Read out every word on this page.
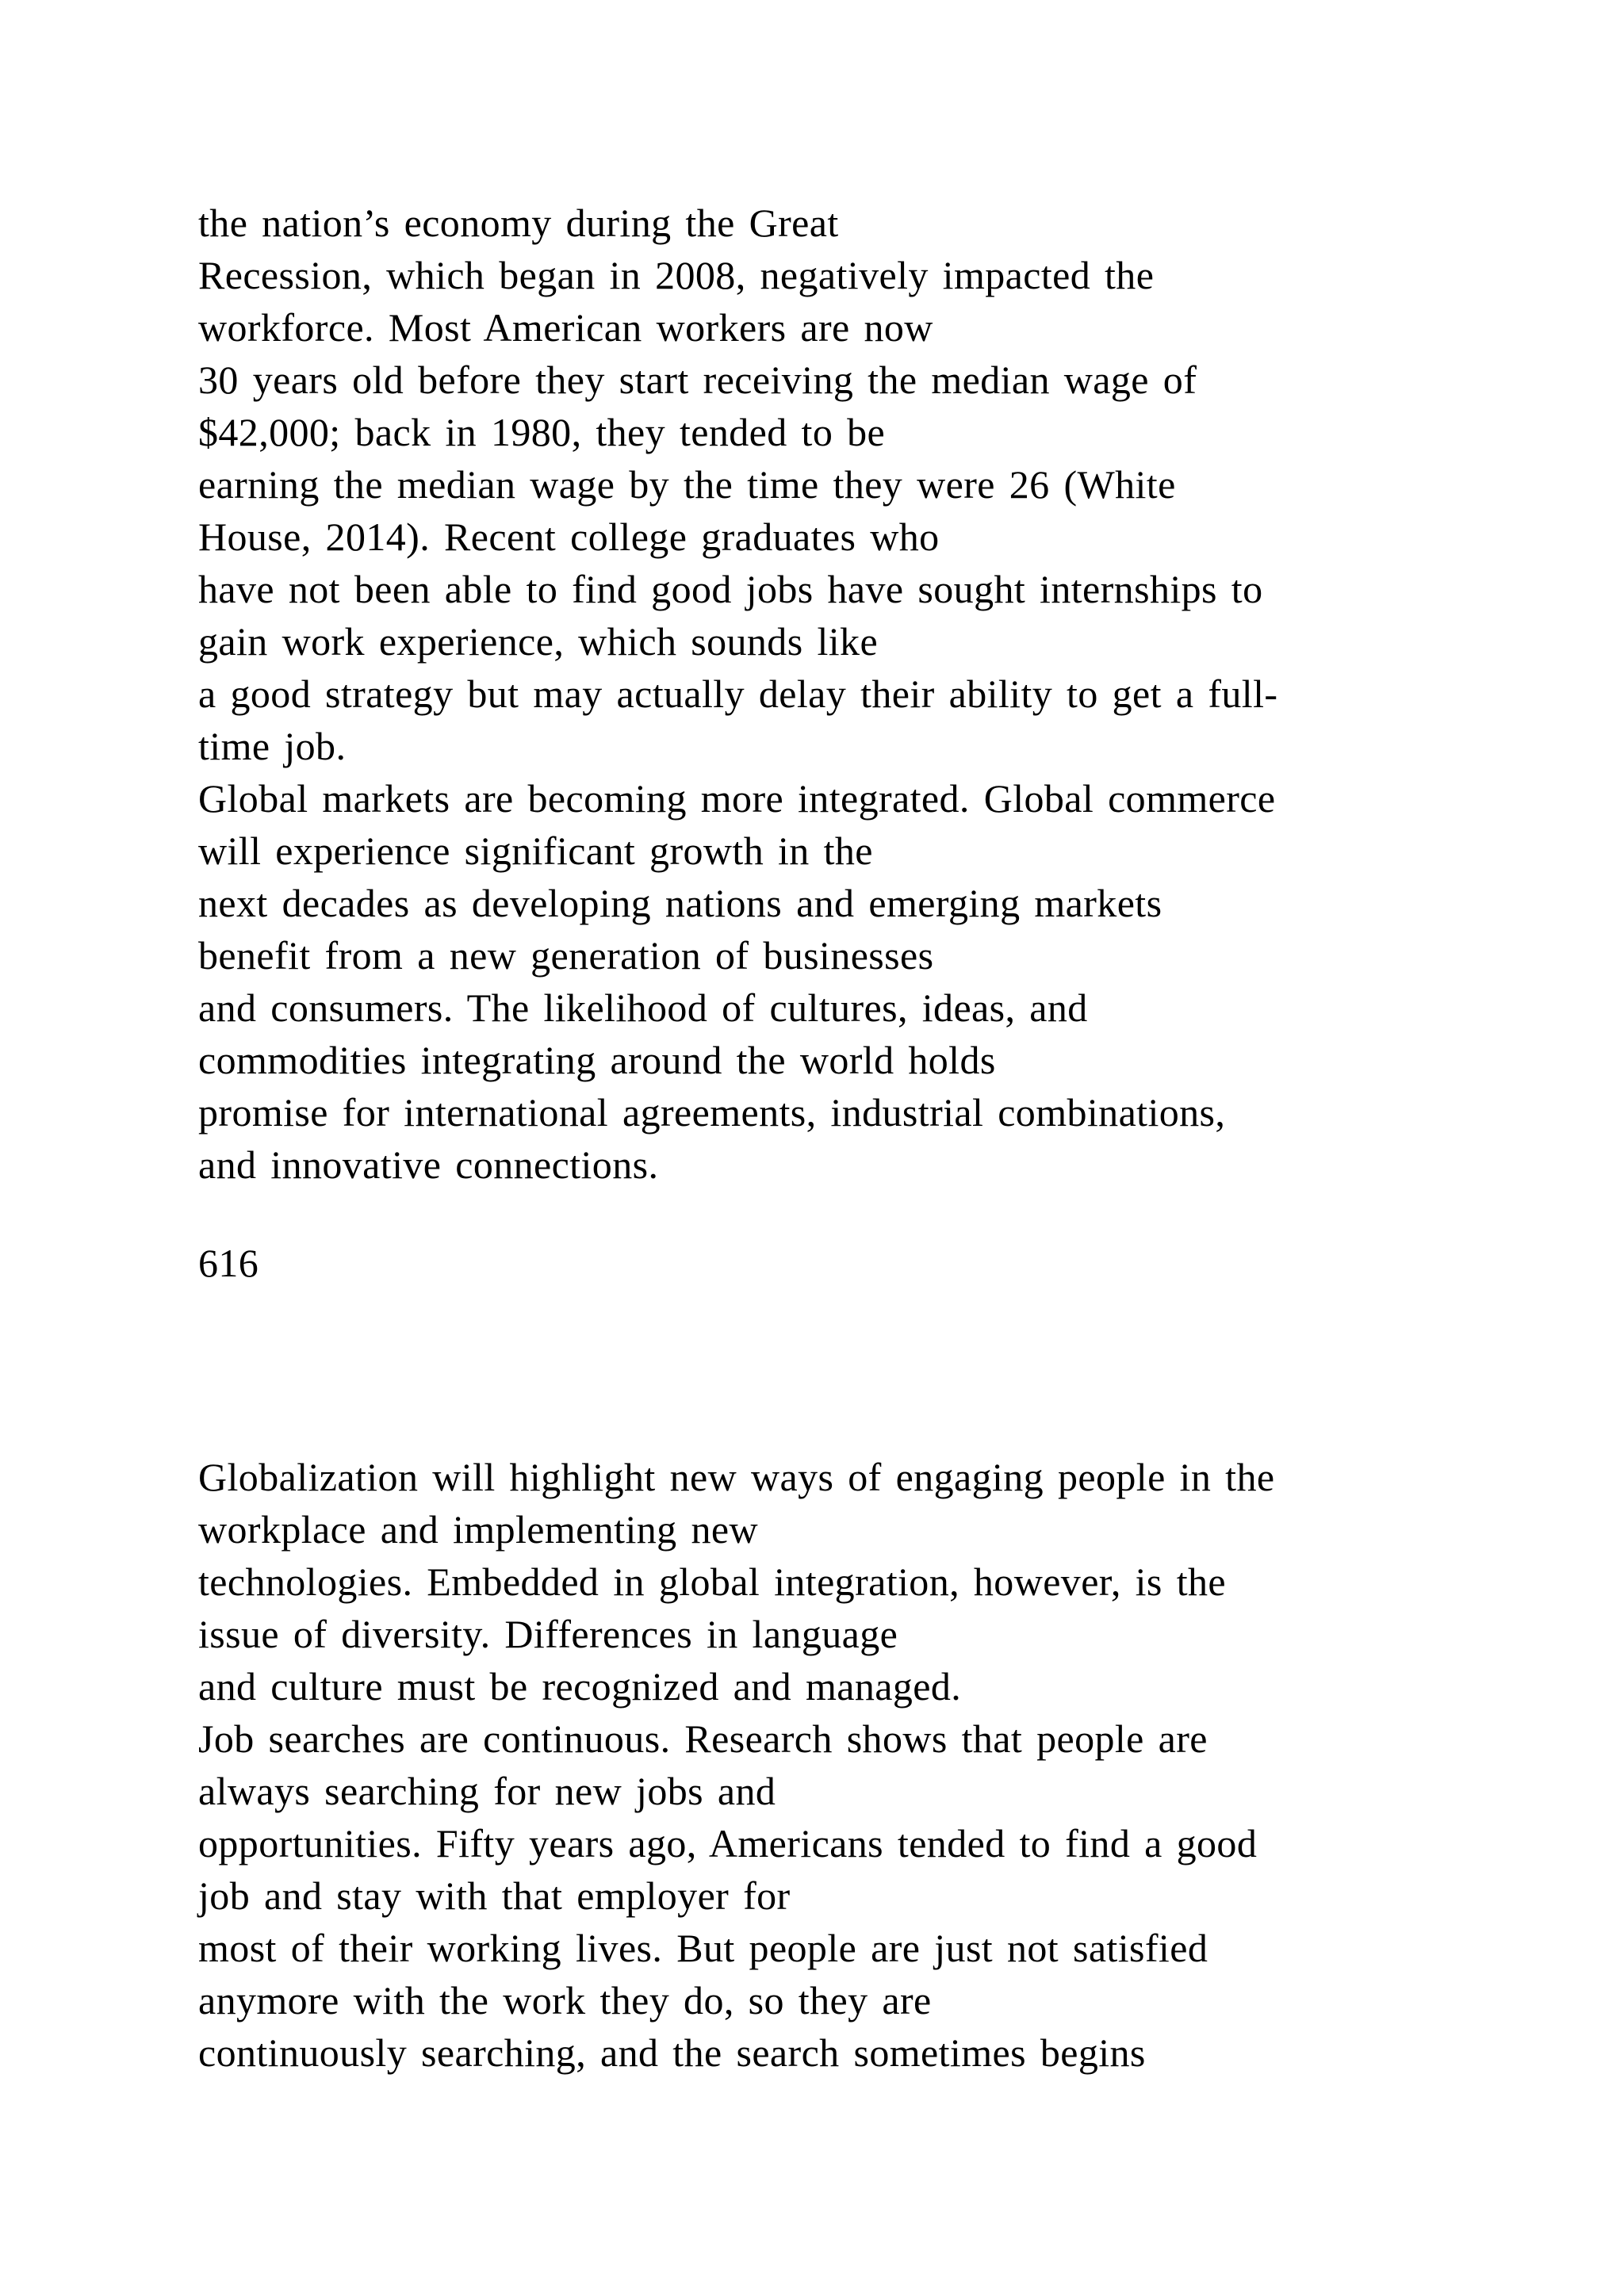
the nation’s economy during the Great
Recession, which began in 2008, negatively impacted the
workforce. Most American workers are now
30 years old before they start receiving the median wage of
$42,000; back in 1980, they tended to be
earning the median wage by the time they were 26 (White
House, 2014). Recent college graduates who
have not been able to find good jobs have sought internships to
gain work experience, which sounds like
a good strategy but may actually delay their ability to get a full-
time job.
Global markets are becoming more integrated. Global commerce
will experience significant growth in the
next decades as developing nations and emerging markets
benefit from a new generation of businesses
and consumers. The likelihood of cultures, ideas, and
commodities integrating around the world holds
promise for international agreements, industrial combinations,
and innovative connections.
616
Globalization will highlight new ways of engaging people in the
workplace and implementing new
technologies. Embedded in global integration, however, is the
issue of diversity. Differences in language
and culture must be recognized and managed.
Job searches are continuous. Research shows that people are
always searching for new jobs and
opportunities. Fifty years ago, Americans tended to find a good
job and stay with that employer for
most of their working lives. But people are just not satisfied
anymore with the work they do, so they are
continuously searching, and the search sometimes begins
